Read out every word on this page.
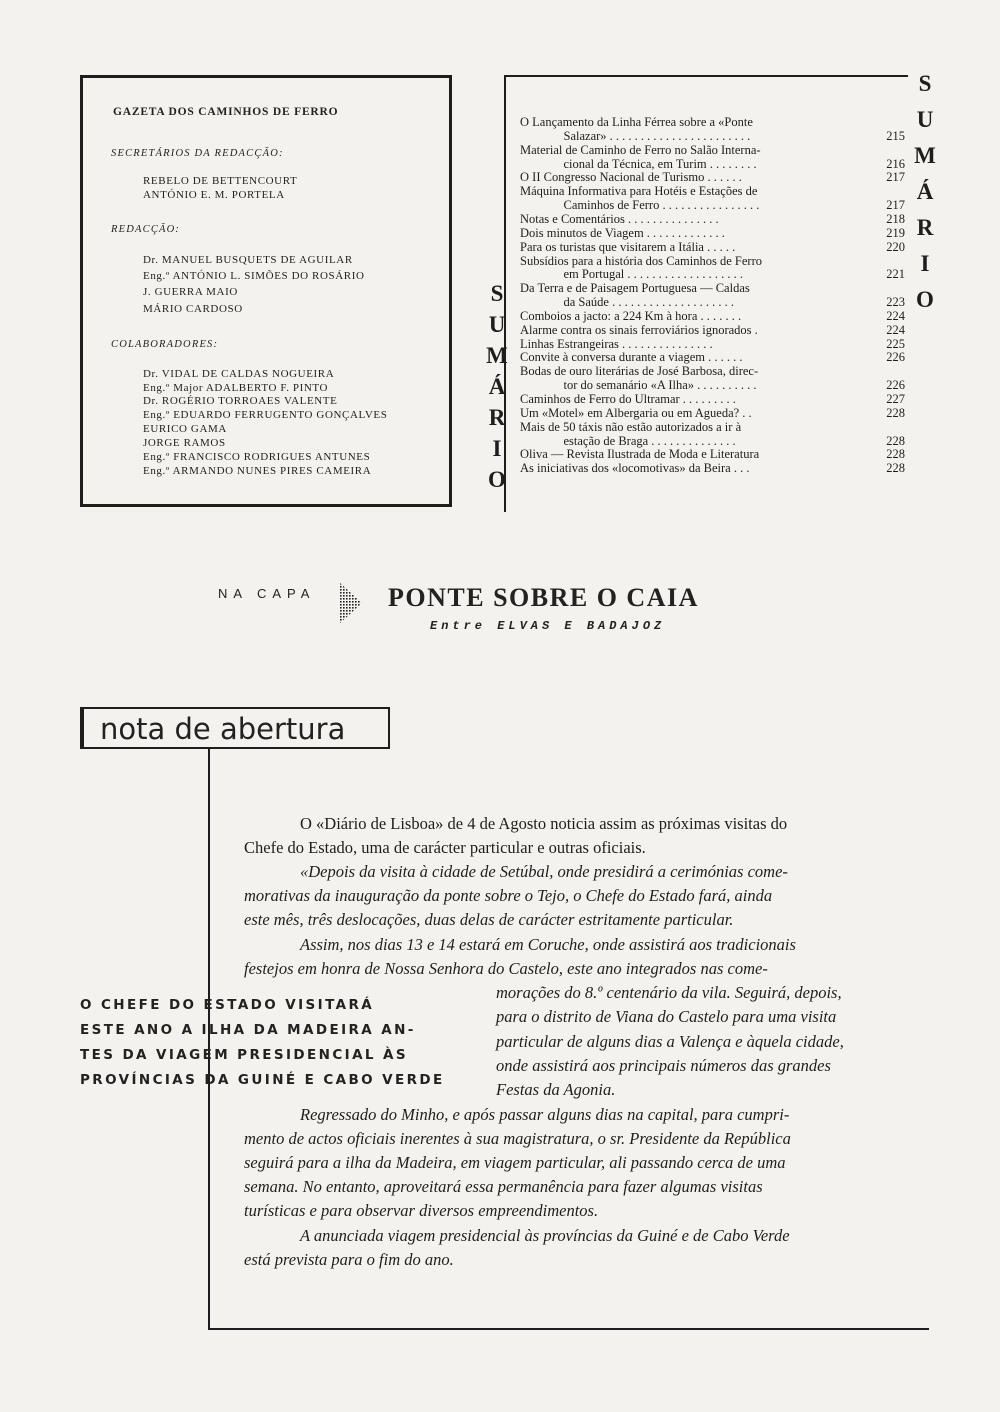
GAZETA DOS CAMINHOS DE FERRO
SECRETÁRIOS DA REDACÇÃO:
REBELO DE BETTENCOURT
ANTÓNIO E. M. PORTELA
REDACÇÃO:
Dr. MANUEL BUSQUETS DE AGUILAR
Eng.º ANTÓNIO L. SIMÕES DO ROSÁRIO
J. GUERRA MAIO
MÁRIO CARDOSO
COLABORADORES:
Dr. VIDAL DE CALDAS NOGUEIRA
Eng.º Major ADALBERTO F. PINTO
Dr. ROGÉRIO TORROAES VALENTE
Eng.º EDUARDO FERRUGENTO GONÇALVES
EURICO GAMA
JORGE RAMOS
Eng.º FRANCISCO RODRIGUES ANTUNES
Eng.º ARMANDO NUNES PIRES CAMEIRA
O Lançamento da Linha Férrea sobre a «Ponte
Salazar» . . . . . . . . . . . . . . . . . . . . . . .	215
Material de Caminho de Ferro no Salão Interna-
cional da Técnica, em Turim . . . . . . . .	216
O II Congresso Nacional de Turismo . . . . . .	217
Máquina Informativa para Hotéis e Estações de
Caminhos de Ferro . . . . . . . . . . . . . . . .	217
Notas e Comentários . . . . . . . . . . . . . . .	218
Dois minutos de Viagem . . . . . . . . . . . . .	219
Para os turistas que visitarem a Itália . . . . .	220
Subsídios para a história dos Caminhos de Ferro
em Portugal . . . . . . . . . . . . . . . . . . .	221
Da Terra e de Paisagem Portuguesa — Caldas
da Saúde . . . . . . . . . . . . . . . . . . . .	223
Comboios a jacto: a 224 Km à hora . . . . . . .	224
Alarme contra os sinais ferroviários ignorados .	224
Linhas Estrangeiras . . . . . . . . . . . . . . .	225
Convite à conversa durante a viagem . . . . . .	226
Bodas de ouro literárias de José Barbosa, direc-
tor do semanário «A Ilha» . . . . . . . . . .	226
Caminhos de Ferro do Ultramar . . . . . . . . .	227
Um «Motel» em Albergaria ou em Agueda? . .	228
Mais de 50 táxis não estão autorizados a ir à
estação de Braga . . . . . . . . . . . . . .	228
Oliva — Revista Ilustrada de Moda e Literatura	228
As iniciativas dos «locomotivas» da Beira . . .	228
S
U
M
Á
R
I
O
S
U
M
Á
R
I
O
NA CAPA	PONTE SOBRE O CAIA
Entre ELVAS E BADAJOZ
nota de abertura
O CHEFE DO ESTADO VISITARÁ
ESTE ANO A ILHA DA MADEIRA AN-
TES DA VIAGEM PRESIDENCIAL ÀS
PROVÍNCIAS DA GUINÉ E CABO VERDE
O «Diário de Lisboa» de 4 de Agosto noticia assim as próximas visitas do
Chefe do Estado, uma de carácter particular e outras oficiais.
«Depois da visita à cidade de Setúbal, onde presidirá a cerimónias come-
morativas da inauguração da ponte sobre o Tejo, o Chefe do Estado fará, ainda
este mês, três deslocações, duas delas de carácter estritamente particular.
Assim, nos dias 13 e 14 estará em Coruche, onde assistirá aos tradicionais
festejos em honra de Nossa Senhora do Castelo, este ano integrados nas come-
morações do 8.º centenário da vila. Seguirá, depois,
para o distrito de Viana do Castelo para uma visita
particular de alguns dias a Valença e àquela cidade,
onde assistirá aos principais números das grandes
Festas da Agonia.
Regressado do Minho, e após passar alguns dias na capital, para cumpri-
mento de actos oficiais inerentes à sua magistratura, o sr. Presidente da República
seguirá para a ilha da Madeira, em viagem particular, ali passando cerca de uma
semana. No entanto, aproveitará essa permanência para fazer algumas visitas
turísticas e para observar diversos empreendimentos.
A anunciada viagem presidencial às províncias da Guiné e de Cabo Verde
está prevista para o fim do ano.
